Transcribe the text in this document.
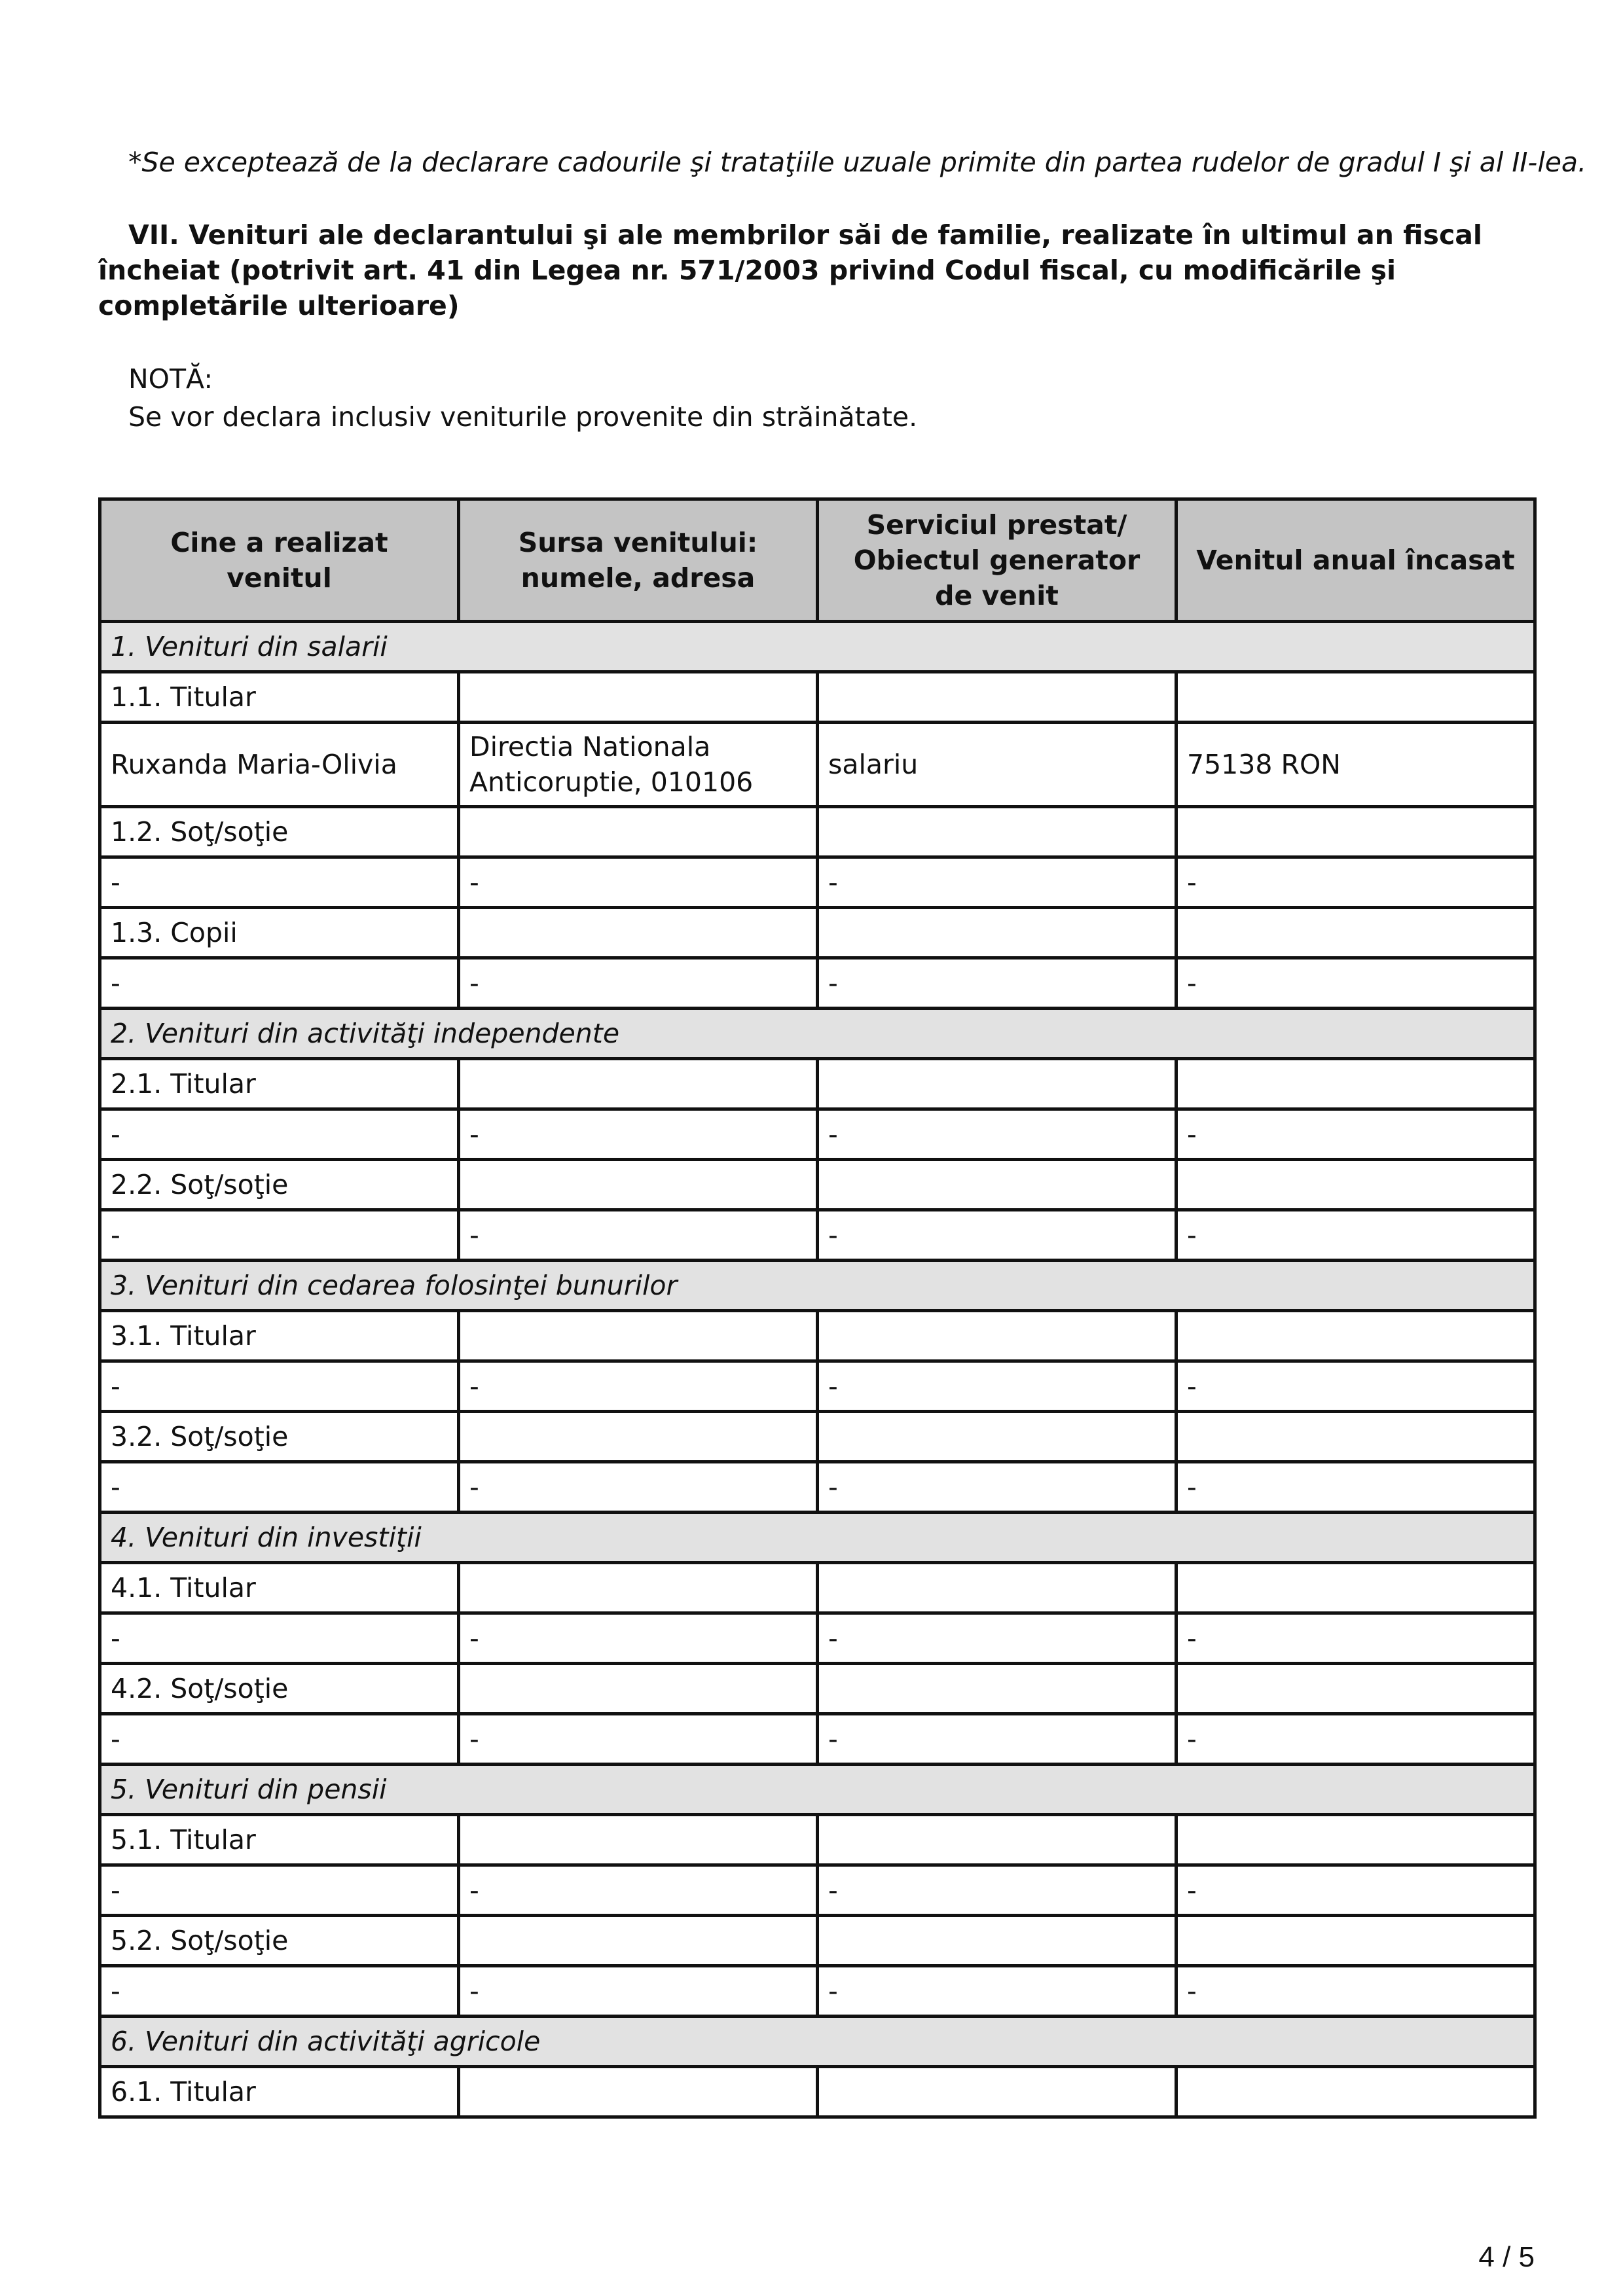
*Se exceptează de la declarare cadourile şi trataţiile uzuale primite din partea rudelor de gradul I şi al II-lea.
VII. Venituri ale declarantului şi ale membrilor săi de familie, realizate în ultimul an fiscal încheiat (potrivit art. 41 din Legea nr. 571/2003 privind Codul fiscal, cu modificările şi completările ulterioare)
NOTĂ:
Se vor declara inclusiv veniturile provenite din străinătate.
Cine a realizat venitul	Sursa venitului: numele, adresa	Serviciul prestat/ Obiectul generator de venit	Venitul anual încasat
1. Venituri din salarii			
1.1. Titular			
Ruxanda Maria-Olivia	Directia Nationala Anticoruptie, 010106	salariu	75138 RON
1.2. Soţ/soţie			
-	-	-	-
1.3. Copii			
-	-	-	-
2. Venituri din activităţi independente			
2.1. Titular			
-	-	-	-
2.2. Soţ/soţie			
-	-	-	-
3. Venituri din cedarea folosinţei bunurilor			
3.1. Titular			
-	-	-	-
3.2. Soţ/soţie			
-	-	-	-
4. Venituri din investiţii			
4.1. Titular			
-	-	-	-
4.2. Soţ/soţie			
-	-	-	-
5. Venituri din pensii			
5.1. Titular			
-	-	-	-
5.2. Soţ/soţie			
-	-	-	-
6. Venituri din activităţi agricole			
6.1. Titular			
4 / 5
